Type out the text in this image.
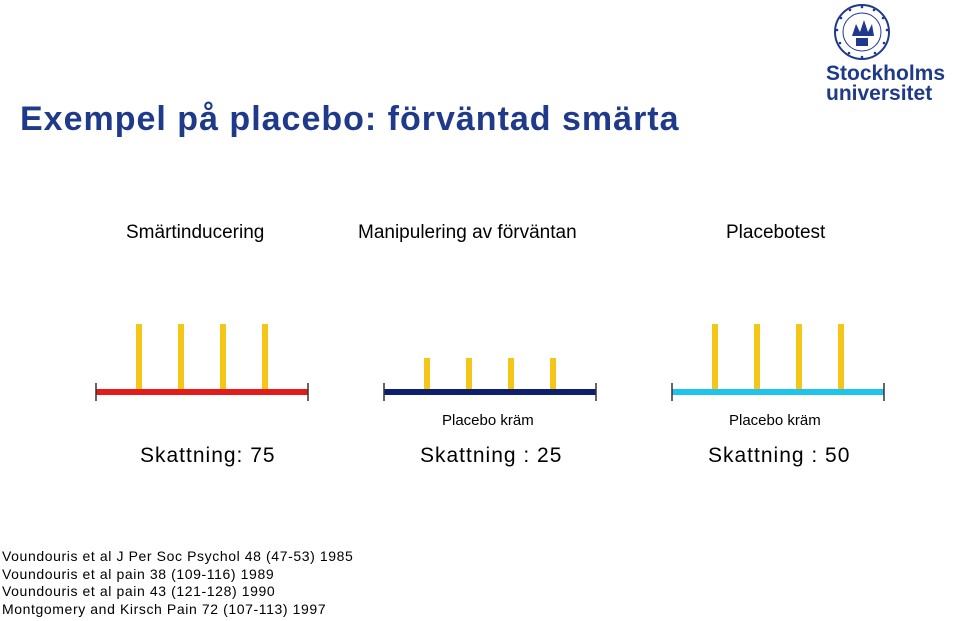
Exempel på placebo: förväntad smärta
Stockholms
universitet
Smärtinducering	Manipulering av förväntan	Placebotest
Placebo kräm	Placebo kräm
Skattning: 75	Skattning : 25	Skattning : 50
Voundouris et al J Per Soc Psychol 48 (47-53) 1985
Voundouris et al pain 38 (109-116) 1989
Voundouris et al pain 43 (121-128) 1990
Montgomery and Kirsch Pain 72 (107-113) 1997
